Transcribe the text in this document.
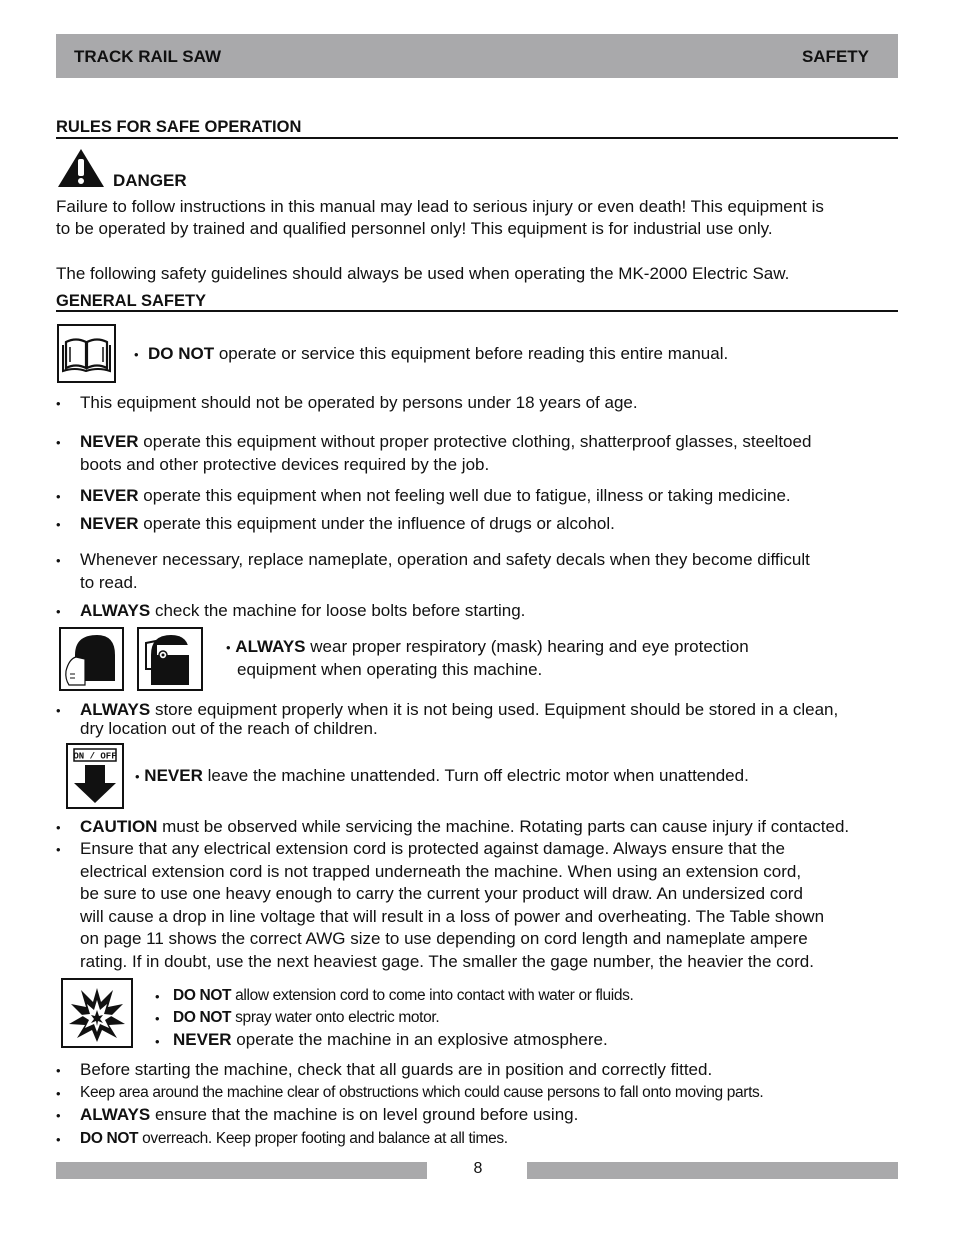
TRACK RAIL SAW	SAFETY
RULES FOR SAFE OPERATION
DANGER
Failure to follow instructions in this manual may lead to serious injury or even death! This equipment is
to be operated by trained and qualified personnel only! This equipment is for industrial use only.
The following safety guidelines should always be used when operating the MK-2000 Electric Saw.
GENERAL SAFETY
• DO NOT operate or service this equipment before reading this entire manual.
• This equipment should not be operated by persons under 18 years of age.
• NEVER operate this equipment without proper protective clothing, shatterproof glasses, steeltoed
boots and other protective devices required by the job.
• NEVER operate this equipment when not feeling well due to fatigue, illness or taking medicine.
• NEVER operate this equipment under the influence of drugs or alcohol.
• Whenever necessary, replace nameplate, operation and safety decals when they become difficult
to read.
• ALWAYS check the machine for loose bolts before starting.
• ALWAYS wear proper respiratory (mask) hearing and eye protection
equipment when operating this machine.
• ALWAYS store equipment properly when it is not being used. Equipment should be stored in a clean,
dry location out of the reach of children.
ON / OFF
• NEVER leave the machine unattended. Turn off electric motor when unattended.
• CAUTION must be observed while servicing the machine. Rotating parts can cause injury if contacted.
• Ensure that any electrical extension cord is protected against damage. Always ensure that the
electrical extension cord is not trapped underneath the machine. When using an extension cord,
be sure to use one heavy enough to carry the current your product will draw. An undersized cord
will cause a drop in line voltage that will result in a loss of power and overheating. The Table shown
on page 11 shows the correct AWG size to use depending on cord length and nameplate ampere
rating. If in doubt, use the next heaviest gage. The smaller the gage number, the heavier the cord.
• DO NOT allow extension cord to come into contact with water or fluids.
• DO NOT spray water onto electric motor.
• NEVER operate the machine in an explosive atmosphere.
• Before starting the machine, check that all guards are in position and correctly fitted.
• Keep area around the machine clear of obstructions which could cause persons to fall onto moving parts.
• ALWAYS ensure that the machine is on level ground before using.
• DO NOT overreach. Keep proper footing and balance at all times.
8
